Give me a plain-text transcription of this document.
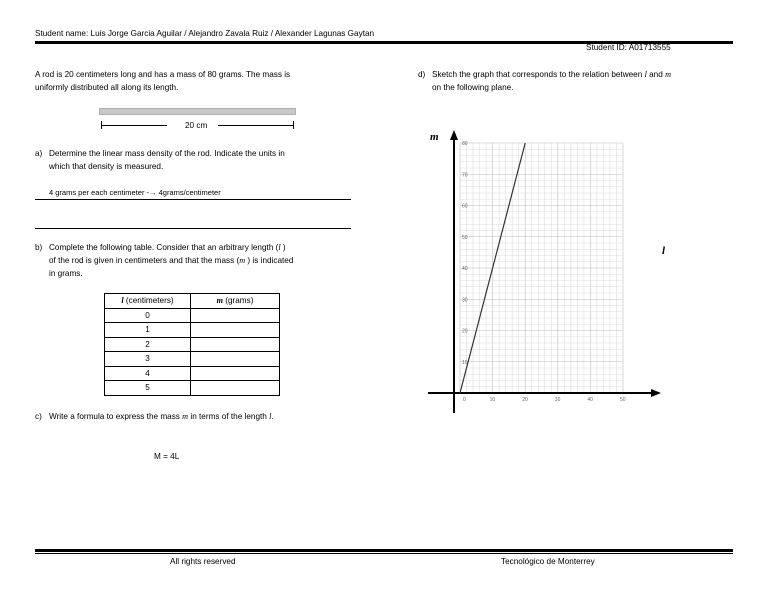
Student name: Luis Jorge Garcia Aguilar / Alejandro Zavala Ruiz / Alexander Lagunas Gaytan
Student ID: A01713555
A rod is 20 centimeters long and has a mass of 80 grams. The mass is
uniformly distributed all along its length.
20 cm
a) Determine the linear mass density of the rod. Indicate the units in
which that density is measured.
4 grams per each centimeter -→ 4grams/centimeter
b) Complete the following table. Consider that an arbitrary length (l )
of the rod is given in centimeters and that the mass (m ) is indicated
in grams.
l (centimeters)	m (grams)
0	
1	
2	
3	
4	
5	
c) Write a formula to express the mass m in terms of the length l.
M = 4L
d) Sketch the graph that corresponds to the relation between l and m
on the following plane.
0	10	20	30	40	50
10
20
30
40
50
60
70
80
m
l
All rights reserved	Tecnológico de Monterrey
